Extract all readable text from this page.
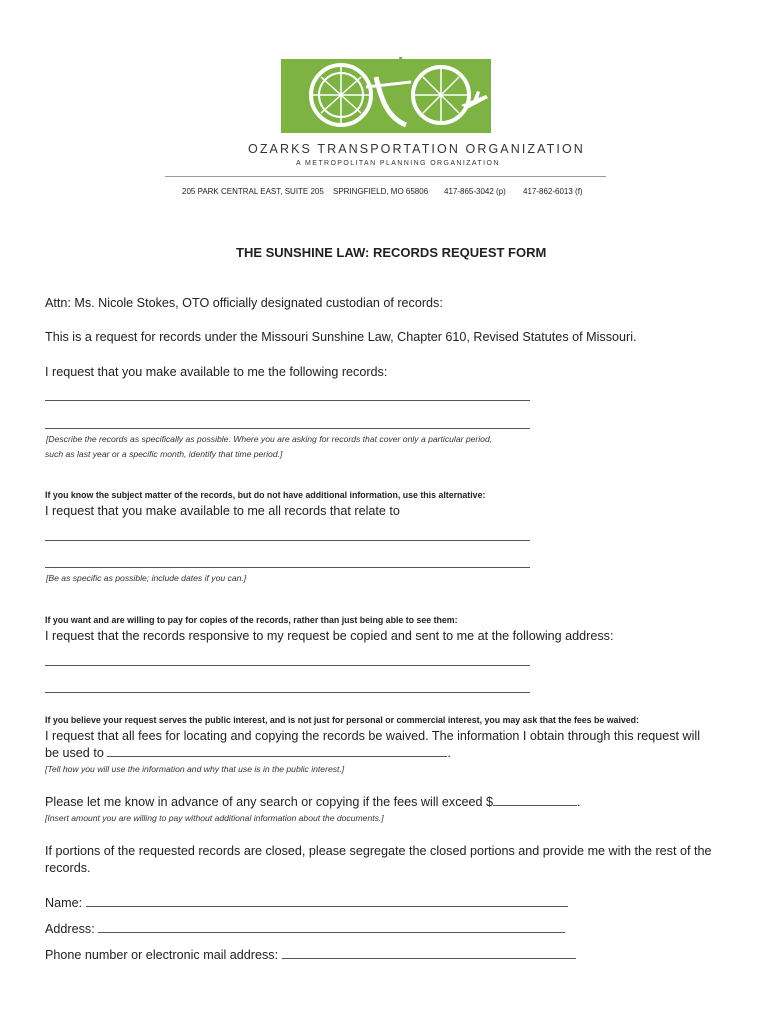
OZARKS TRANSPORTATION ORGANIZATION
A METROPOLITAN PLANNING ORGANIZATION
205 PARK CENTRAL EAST, SUITE 205 SPRINGFIELD, MO 65806 417-865-3042 (p) 417-862-6013 (f)
THE SUNSHINE LAW: RECORDS REQUEST FORM
Attn: Ms. Nicole Stokes, OTO officially designated custodian of records:
This is a request for records under the Missouri Sunshine Law, Chapter 610, Revised Statutes of Missouri.
I request that you make available to me the following records:
[Describe the records as specifically as possible. Where you are asking for records that cover only a particular period,
such as last year or a specific month, identify that time period.]
If you know the subject matter of the records, but do not have additional information, use this alternative:
I request that you make available to me all records that relate to
[Be as specific as possible; include dates if you can.]
If you want and are willing to pay for copies of the records, rather than just being able to see them:
I request that the records responsive to my request be copied and sent to me at the following address:
If you believe your request serves the public interest, and is not just for personal or commercial interest, you may ask that the fees be waived:
I request that all fees for locating and copying the records be waived. The information I obtain through this request will
be used to	.
[Tell how you will use the information and why that use is in the public interest.]
Please let me know in advance of any search or copying if the fees will exceed $	.
[Insert amount you are willing to pay without additional information about the documents.]
If portions of the requested records are closed, please segregate the closed portions and provide me with the rest of the records.
Name:
Address:
Phone number or electronic mail address:
